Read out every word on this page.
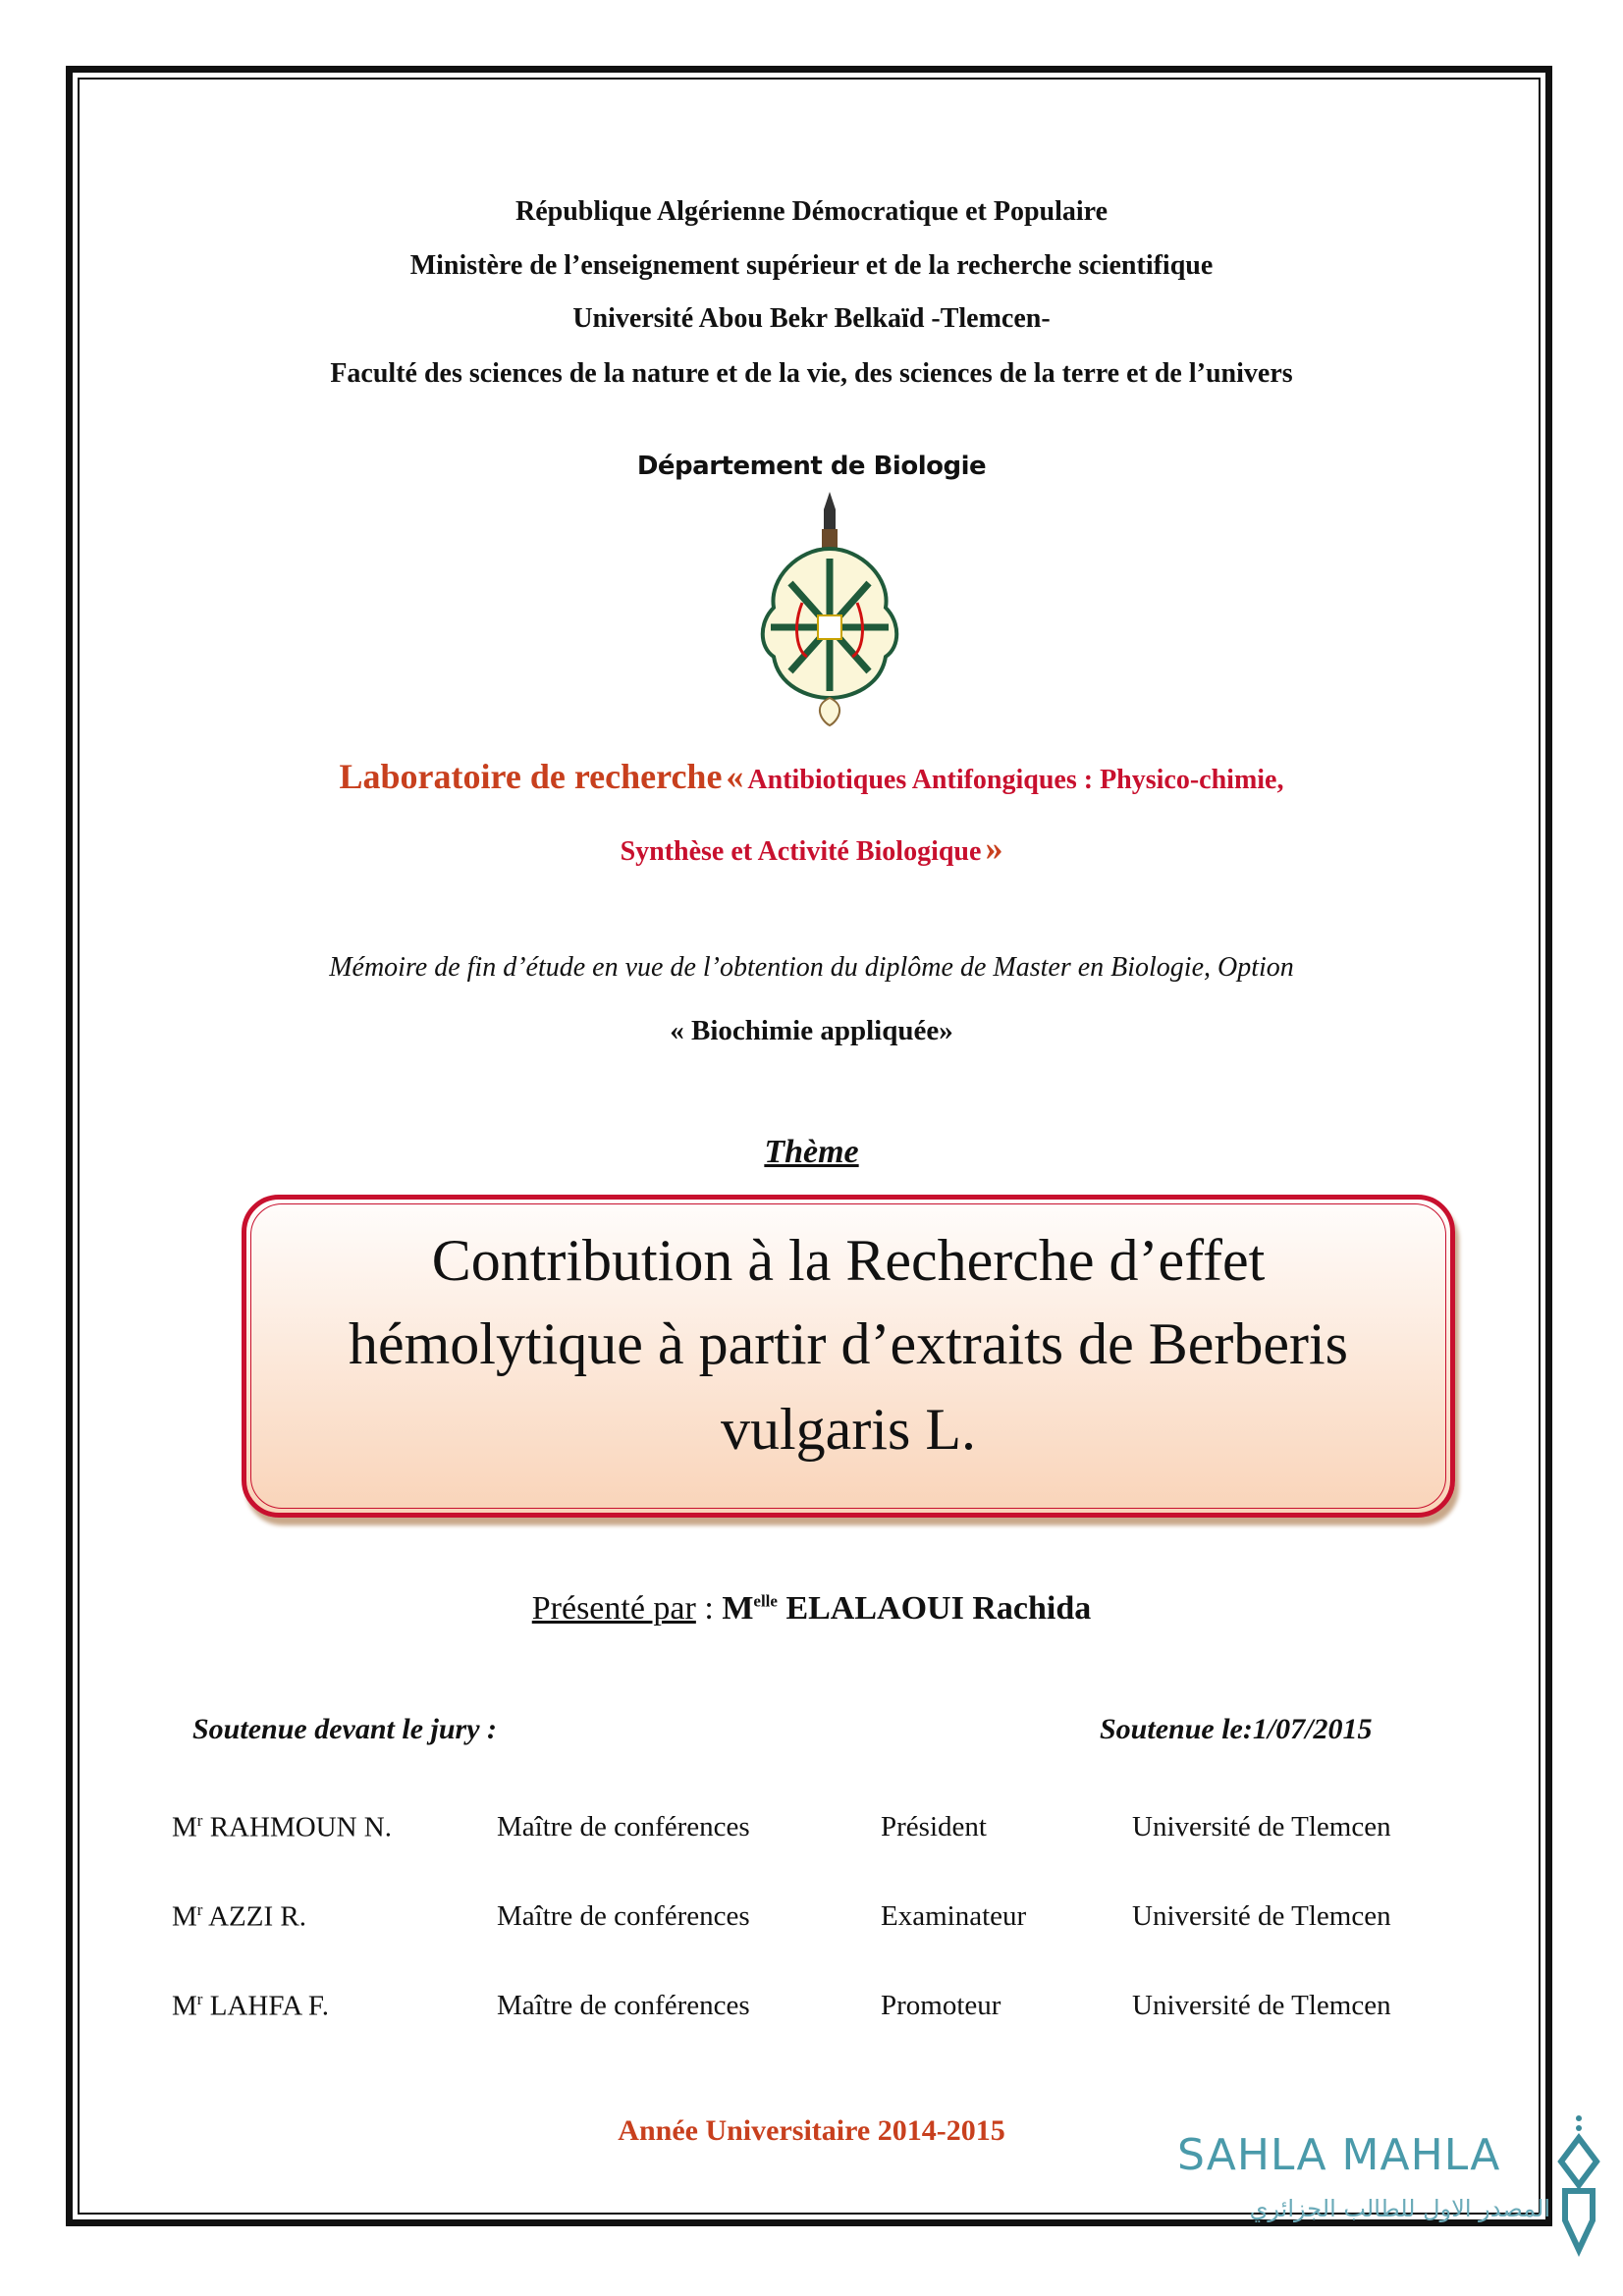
République Algérienne Démocratique et Populaire
Ministère de l’enseignement supérieur et de la recherche scientifique
Université Abou Bekr Belkaïd -Tlemcen-
Faculté des sciences de la nature et de la vie, des sciences de la terre et de l’univers
Département de Biologie
Laboratoire de recherche « Antibiotiques Antifongiques : Physico-chimie,
Synthèse et Activité Biologique »
Mémoire de fin d’étude en vue de l’obtention du diplôme de Master en Biologie, Option
« Biochimie appliquée»
Thème
Contribution à la Recherche d’effet
hémolytique à partir d’extraits de Berberis
vulgaris L.
Présenté par : $M^{elle}$ ELALAOUI Rachida
Soutenue devant le jury :	Soutenue le:1/07/2015
$M^r$ RAHMOUN N.	Maître de conférences	Président	Université de Tlemcen
$M^r$ AZZI R.	Maître de conférences	Examinateur	Université de Tlemcen
$M^r$ LAHFA F.	Maître de conférences	Promoteur	Université de Tlemcen
Année Universitaire 2014-2015	SAHLA MAHLA
المصدر الاول للطالب الجزائري
